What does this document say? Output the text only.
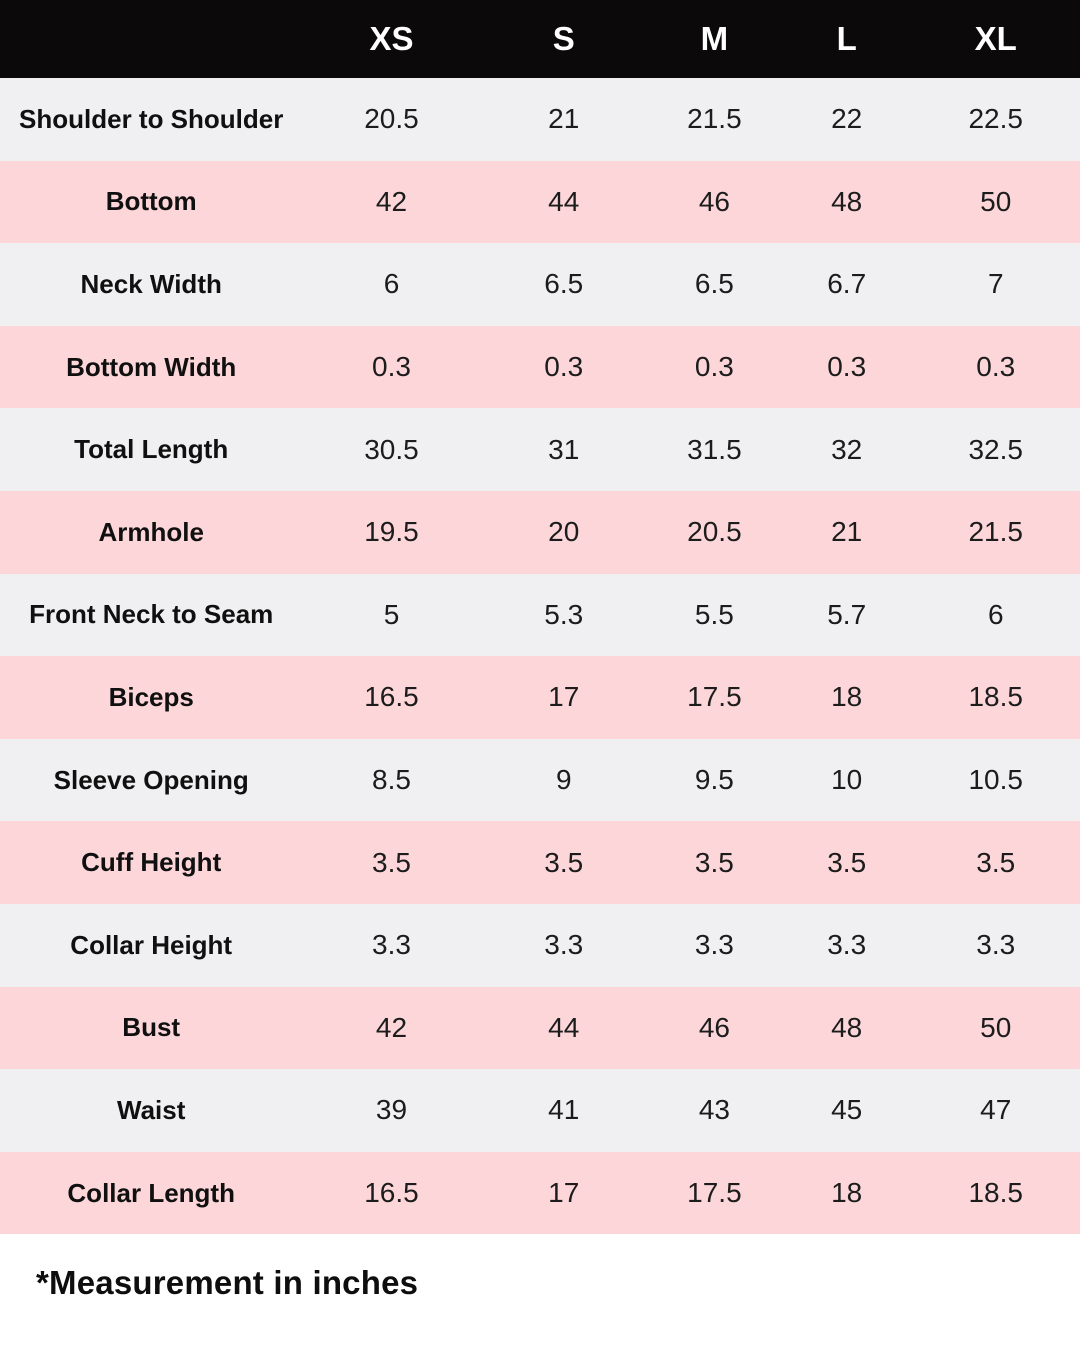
	XS	S	M	L	XL
Shoulder to Shoulder	20.5	21	21.5	22	22.5
Bottom	42	44	46	48	50
Neck Width	6	6.5	6.5	6.7	7
Bottom Width	0.3	0.3	0.3	0.3	0.3
Total Length	30.5	31	31.5	32	32.5
Armhole	19.5	20	20.5	21	21.5
Front Neck to Seam	5	5.3	5.5	5.7	6
Biceps	16.5	17	17.5	18	18.5
Sleeve Opening	8.5	9	9.5	10	10.5
Cuff Height	3.5	3.5	3.5	3.5	3.5
Collar Height	3.3	3.3	3.3	3.3	3.3
Bust	42	44	46	48	50
Waist	39	41	43	45	47
Collar Length	16.5	17	17.5	18	18.5
*Measurement in inches
